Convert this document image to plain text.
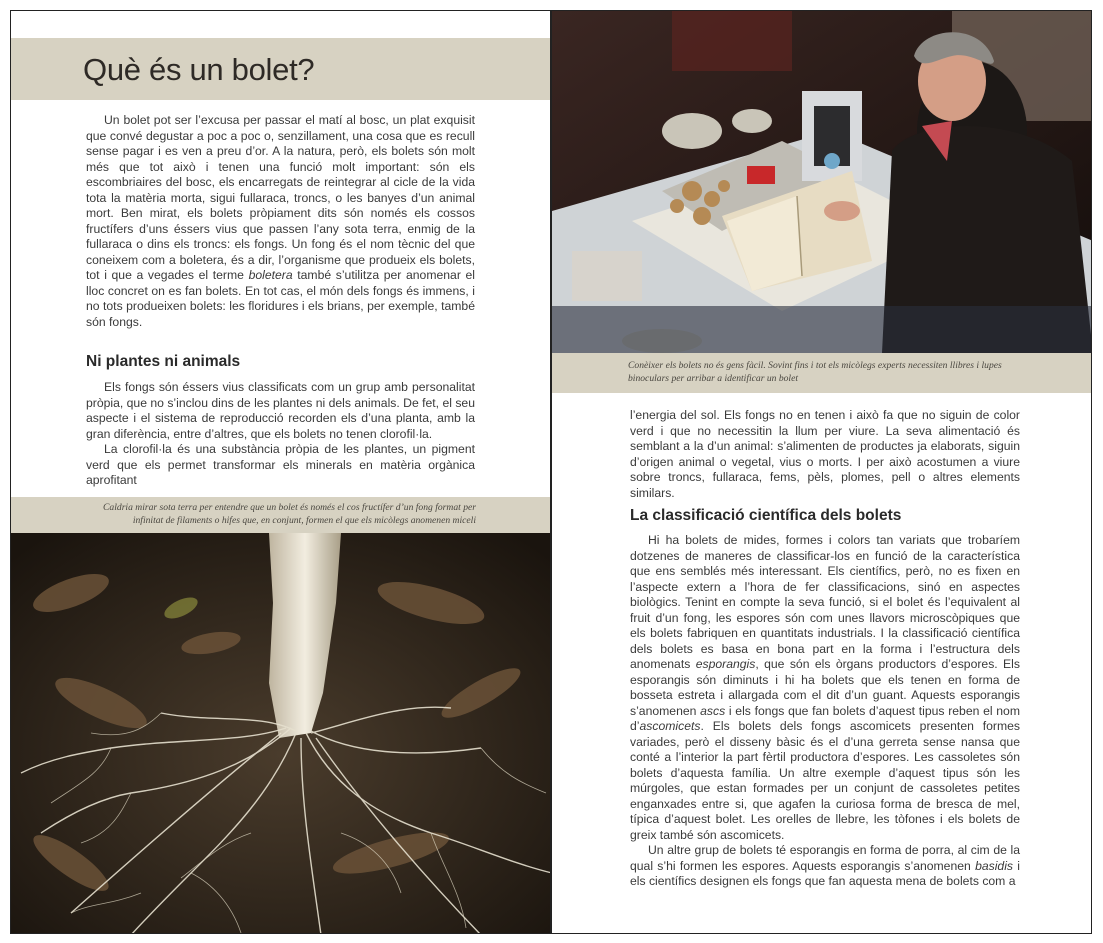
Què és un bolet?

Un bolet pot ser l’excusa per passar el matí al bosc, un plat exquisit que convé degustar a poc a poc o, senzillament, una cosa que es recull sense pagar i es ven a preu d’or. A la natura, però, els bolets són molt més que tot això i tenen una funció molt important: són els escombriaires del bosc, els encarregats de reintegrar al cicle de la vida tota la matèria morta, sigui fullaraca, troncs, o les banyes d’un animal mort. Ben mirat, els bolets pròpiament dits són només els cossos fructífers d’uns éssers vius que passen l’any sota terra, enmig de la fullaraca o dins els troncs: els fongs. Un fong és el nom tècnic del que coneixem com a boletera, és a dir, l’organisme que produeix els bolets, tot i que a vegades el terme boletera també s’utilitza per anomenar el lloc concret on es fan bolets. En tot cas, el món dels fongs és immens, i no tots produeixen bolets: les floridures i els brians, per exemple, també són fongs.

Ni plantes ni animals

Els fongs són éssers vius classificats com un grup amb personalitat pròpia, que no s’inclou dins de les plantes ni dels animals. De fet, el seu aspecte i el sistema de reproducció recorden els d’una planta, amb la gran diferència, entre d’altres, que els bolets no tenen clorofil·la.

La clorofil·la és una substància pròpia de les plantes, un pigment verd que els permet transformar els minerals en matèria orgànica aprofitant

Caldria mirar sota terra per entendre que un bolet és només el cos fructífer d’un fong format per infinitat de filaments o hifes que, en conjunt, formen el que els micòlegs anomenen miceli
Conèixer els bolets no és gens fàcil. Sovint fins i tot els micòlegs experts necessiten llibres i lupes binoculars per arribar a identificar un bolet

l’energia del sol. Els fongs no en tenen i això fa que no siguin de color verd i que no necessitin la llum per viure. La seva alimentació és semblant a la d’un animal: s’alimenten de productes ja elaborats, siguin d’origen animal o vegetal, vius o morts. I per això acostumen a viure sobre troncs, fullaraca, fems, pèls, plomes, pell o altres elements similars.

La classificació científica dels bolets

Hi ha bolets de mides, formes i colors tan variats que trobaríem dotzenes de maneres de classificar-los en funció de la característica que ens semblés més interessant. Els científics, però, no es fixen en l’aspecte extern a l’hora de fer classificacions, sinó en aspectes biològics. Tenint en compte la seva funció, si el bolet és l’equivalent al fruit d’un fong, les espores són com unes llavors microscòpiques que els bolets fabriquen en quantitats industrials. I la classificació científica dels bolets es basa en bona part en la forma i l’estructura dels anomenats esporangis, que són els òrgans productors d’espores. Els esporangis són diminuts i hi ha bolets que els tenen en forma de bosseta estreta i allargada com el dit d’un guant. Aquests esporangis s’anomenen ascs i els fongs que fan bolets d’aquest tipus reben el nom d’ascomicets. Els bolets dels fongs ascomicets presenten formes variades, però el disseny bàsic és el d’una gerreta sense nansa que conté a l’interior la part fèrtil productora d’espores. Les cassoletes són bolets d’aquesta família. Un altre exemple d’aquest tipus són les múrgoles, que estan formades per un conjunt de cassoletes petites enganxades entre si, que agafen la curiosa forma de bresca de mel, típica d’aquest bolet. Les orelles de llebre, les tòfones i els bolets de greix també són ascomicets.

Un altre grup de bolets té esporangis en forma de porra, al cim de la qual s’hi formen les espores. Aquests esporangis s’anomenen basidis i els científics designen els fongs que fan aquesta mena de bolets com a
